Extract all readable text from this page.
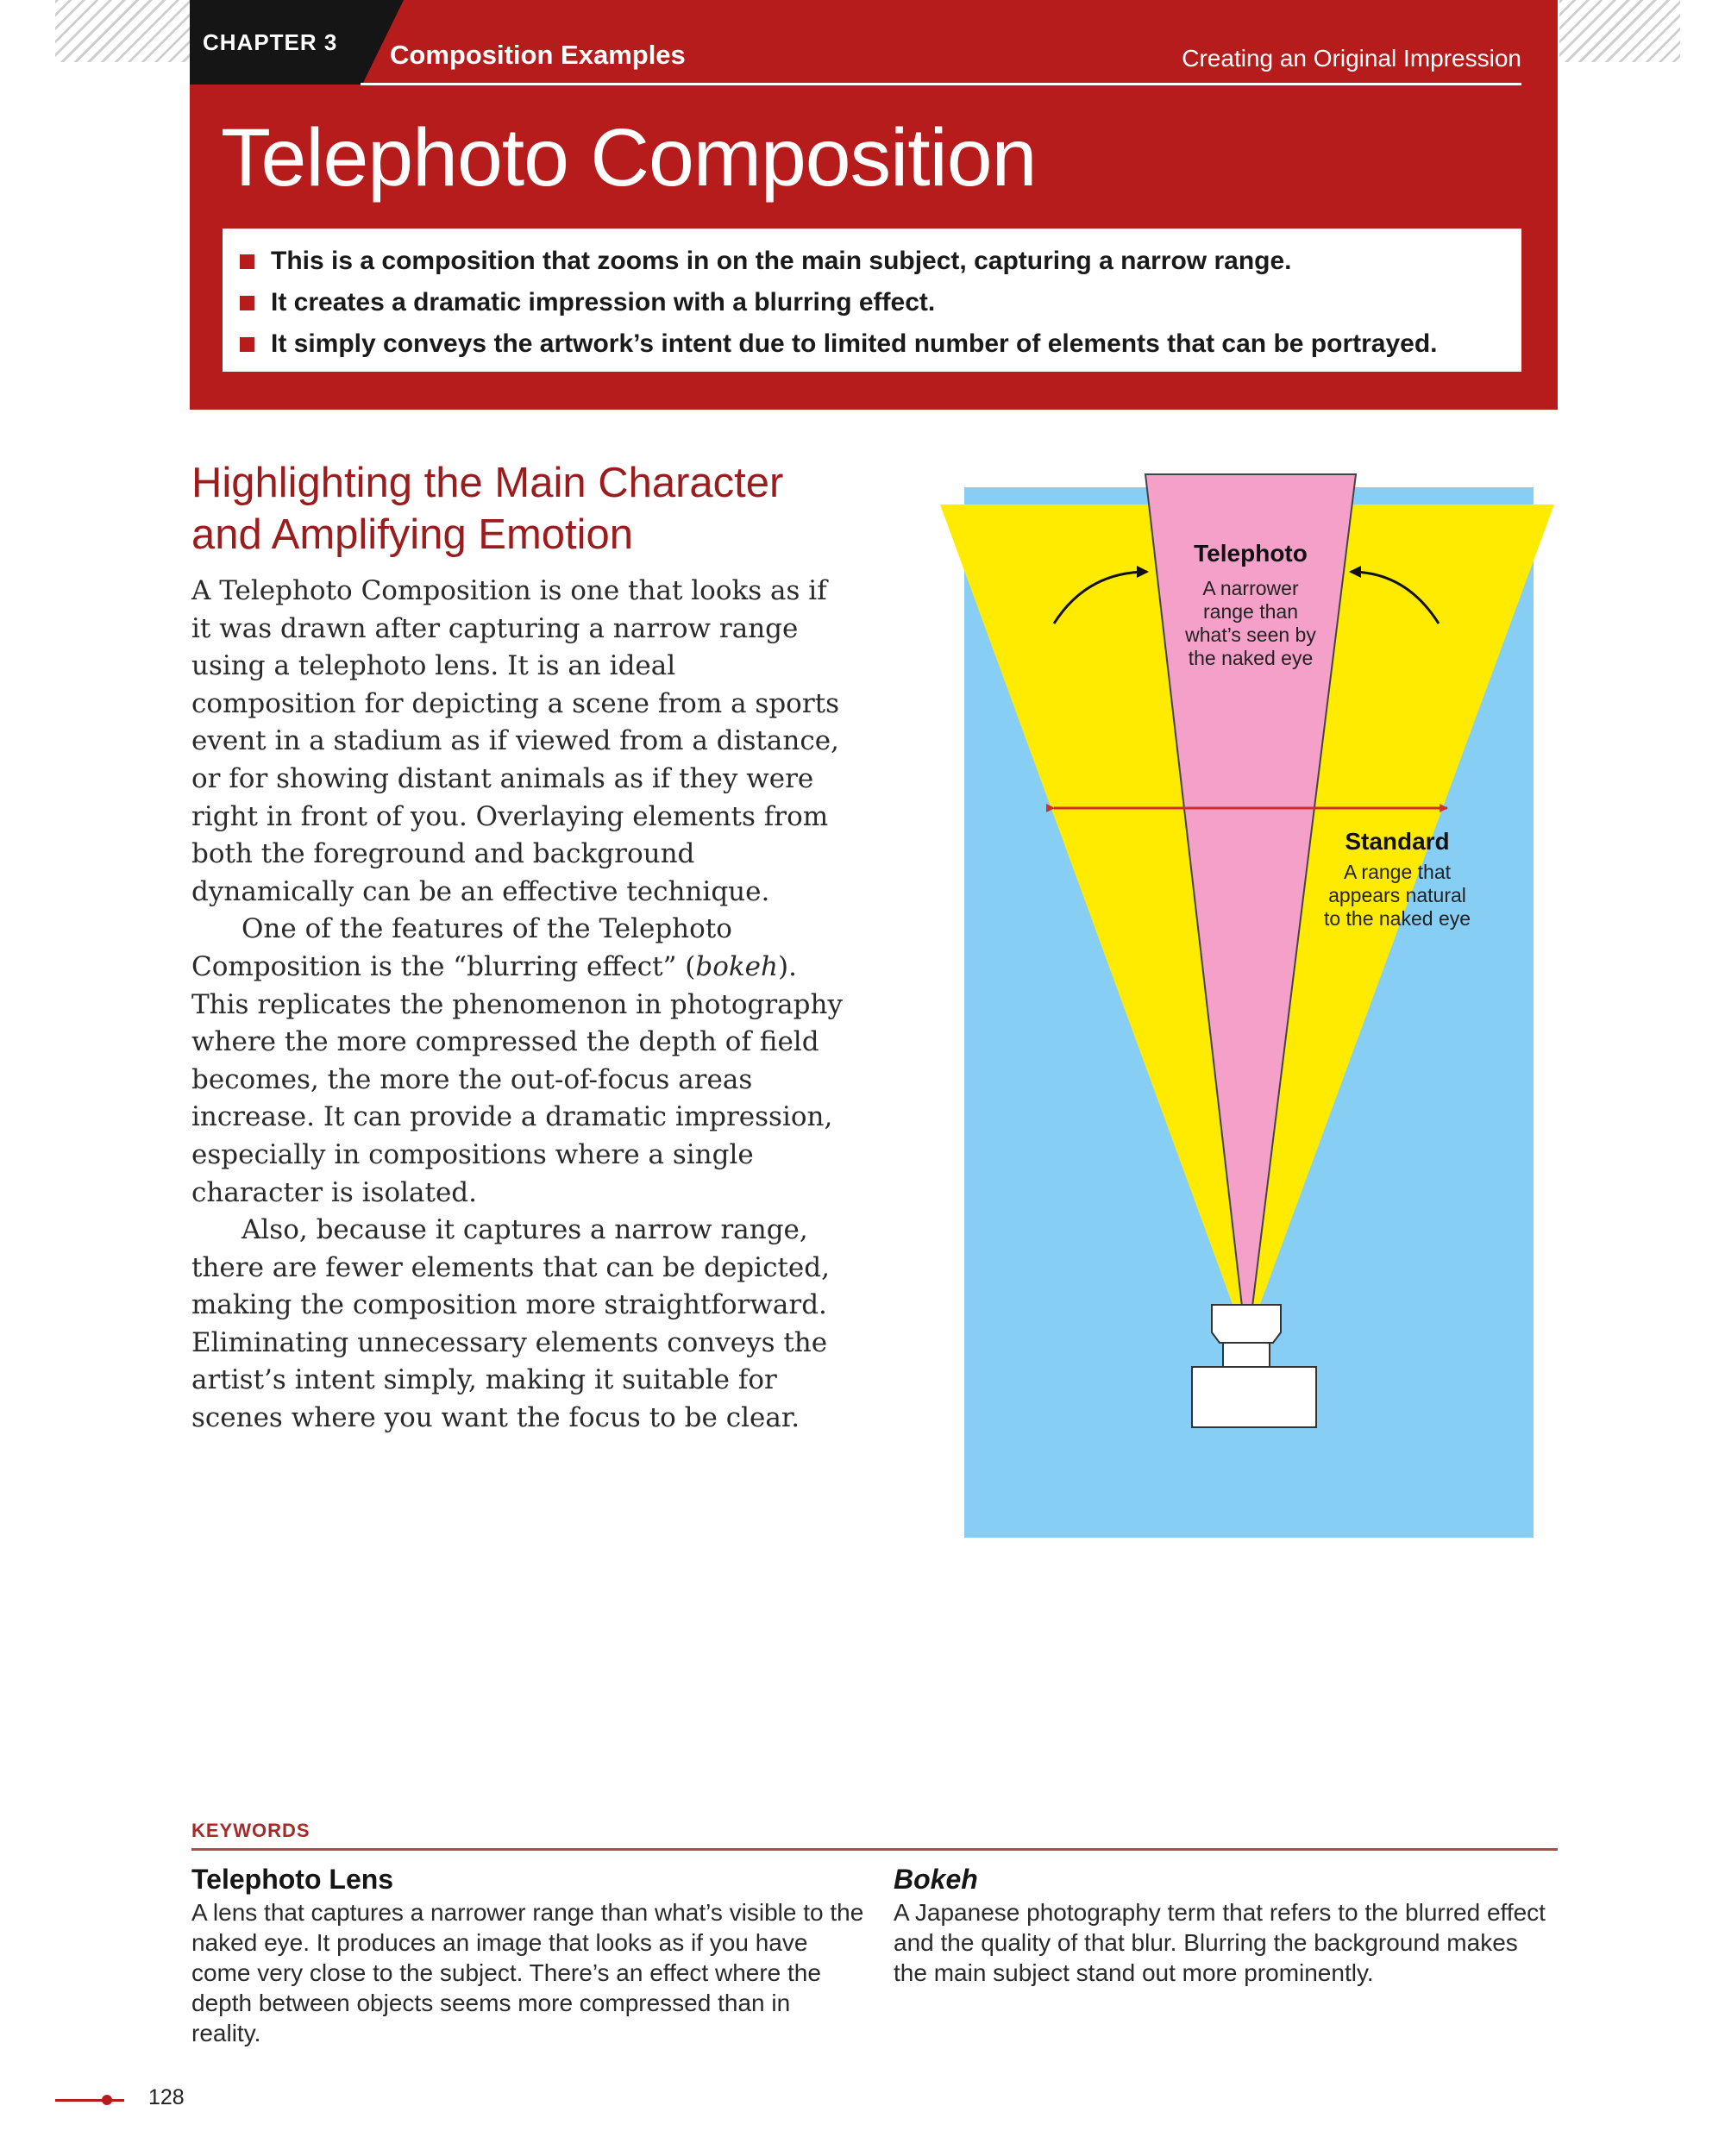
CHAPTER 3	Composition Examples	Creating an Original Impression
Telephoto Composition
This is a composition that zooms in on the main subject, capturing a narrow range.
It creates a dramatic impression with a blurring effect.
It simply conveys the artwork’s intent due to limited number of elements that can be portrayed.
Highlighting the Main Character
and Amplifying Emotion

A Telephoto Composition is one that looks as if it was drawn after capturing a narrow range using a telephoto lens. It is an ideal composition for depicting a scene from a sports event in a stadium as if viewed from a distance, or for showing distant animals as if they were right in front of you. Overlaying elements from both the foreground and background dynamically can be an effective technique.

One of the features of the Telephoto Composition is the “blurring effect” (bokeh). This replicates the phenomenon in photography where the more compressed the depth of field becomes, the more the out-of-focus areas increase. It can provide a dramatic impression, especially in compositions where a single character is isolated.

Also, because it captures a narrow range, there are fewer elements that can be depicted, making the composition more straightforward. Eliminating unnecessary elements conveys the artist’s intent simply, making it suitable for scenes where you want the focus to be clear.

Telephoto
A narrower
range than
what’s seen by
the naked eye
Standard
A range that
appears natural
to the naked eye
KEYWORDS
Telephoto Lens
A lens that captures a narrower range than what’s visible to the naked eye. It produces an image that looks as if you have come very close to the subject. There’s an effect where the depth between objects seems more compressed than in reality.
Bokeh
A Japanese photography term that refers to the blurred effect and the quality of that blur. Blurring the background makes the main subject stand out more prominently.
128
